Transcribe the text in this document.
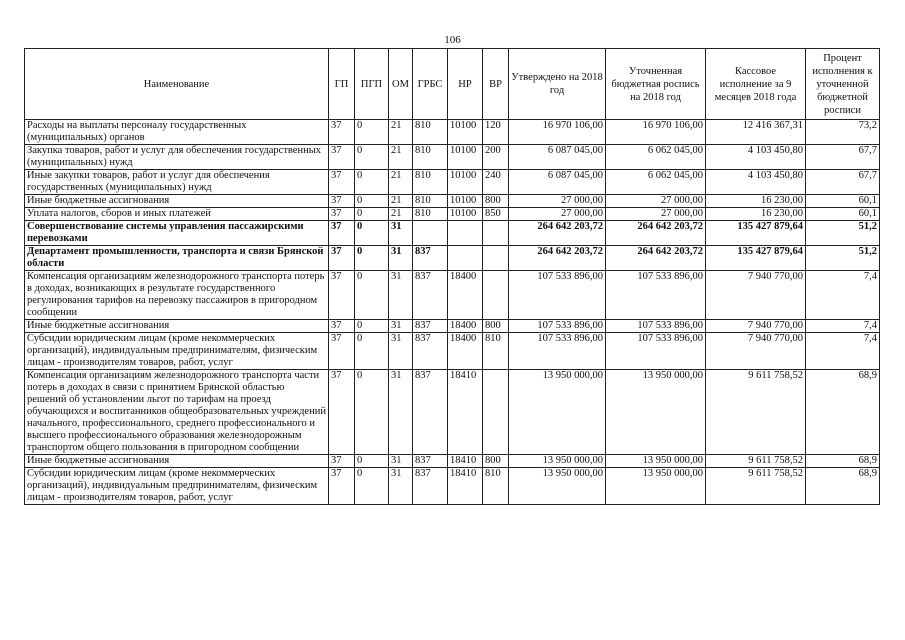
106
Наименование	ГП	ПГП	ОМ	ГРБС	НР	ВР	Утверждено на 2018 год	Уточненная бюджетная роспись на 2018 год	Кассовое исполнение за 9 месяцев 2018 года	Процент исполнения к уточненной бюджетной росписи
Расходы на выплаты персоналу государственных (муниципальных) органов	37	0	21	810	10100	120	16 970 106,00	16 970 106,00	12 416 367,31	73,2
Закупка товаров, работ и услуг для обеспечения государственных (муниципальных) нужд	37	0	21	810	10100	200	6 087 045,00	6 062 045,00	4 103 450,80	67,7
Иные закупки товаров, работ и услуг для обеспечения государственных (муниципальных) нужд	37	0	21	810	10100	240	6 087 045,00	6 062 045,00	4 103 450,80	67,7
Иные бюджетные ассигнования	37	0	21	810	10100	800	27 000,00	27 000,00	16 230,00	60,1
Уплата налогов, сборов и иных платежей	37	0	21	810	10100	850	27 000,00	27 000,00	16 230,00	60,1
Совершенствование системы управления пассажирскими перевозками	37	0	31				264 642 203,72	264 642 203,72	135 427 879,64	51,2
Департамент промышленности, транспорта и связи Брянской области	37	0	31	837			264 642 203,72	264 642 203,72	135 427 879,64	51,2
Компенсация организациям железнодорожного транспорта потерь в доходах, возникающих в результате государственного регулирования тарифов на перевозку пассажиров в пригородном сообщении	37	0	31	837	18400		107 533 896,00	107 533 896,00	7 940 770,00	7,4
Иные бюджетные ассигнования	37	0	31	837	18400	800	107 533 896,00	107 533 896,00	7 940 770,00	7,4
Субсидии юридическим лицам (кроме некоммерческих организаций), индивидуальным предпринимателям, физическим лицам - производителям товаров, работ, услуг	37	0	31	837	18400	810	107 533 896,00	107 533 896,00	7 940 770,00	7,4
Компенсация организациям железнодорожного транспорта части потерь в доходах в связи с принятием Брянской областью решений об установлении льгот по тарифам на проезд обучающихся и воспитанников общеобразовательных учреждений начального, профессионального, среднего профессионального и высшего профессионального образования железнодорожным транспортом общего пользования в пригородном сообщении	37	0	31	837	18410		13 950 000,00	13 950 000,00	9 611 758,52	68,9
Иные бюджетные ассигнования	37	0	31	837	18410	800	13 950 000,00	13 950 000,00	9 611 758,52	68,9
Субсидии юридическим лицам (кроме некоммерческих организаций), индивидуальным предпринимателям, физическим лицам - производителям товаров, работ, услуг	37	0	31	837	18410	810	13 950 000,00	13 950 000,00	9 611 758,52	68,9
